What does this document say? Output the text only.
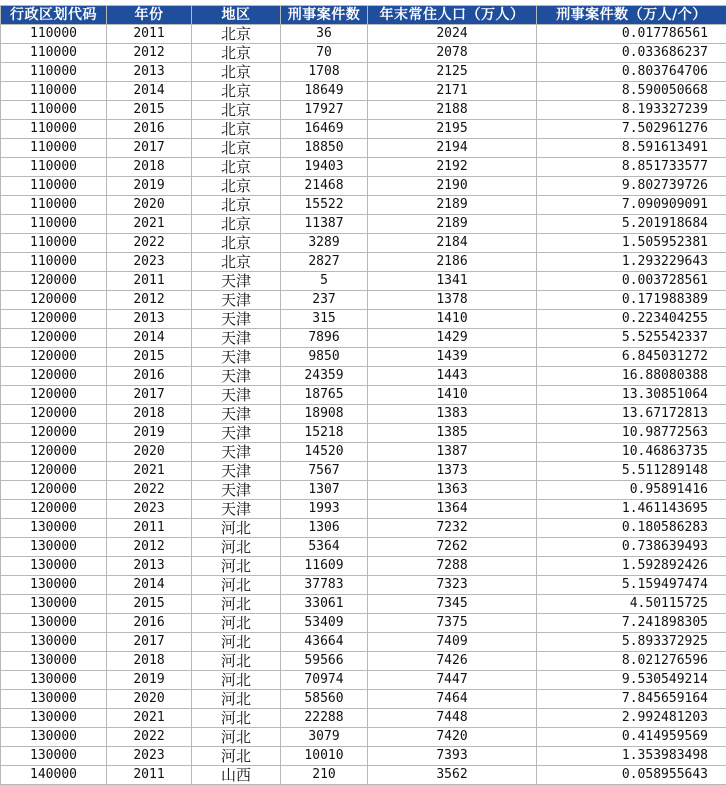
行政区划代码	年份	地区	刑事案件数	年末常住人口（万人）	刑事案件数（万人/个）
110000	2011	北京	36	2024	0.017786561
110000	2012	北京	70	2078	0.033686237
110000	2013	北京	1708	2125	0.803764706
110000	2014	北京	18649	2171	8.590050668
110000	2015	北京	17927	2188	8.193327239
110000	2016	北京	16469	2195	7.502961276
110000	2017	北京	18850	2194	8.591613491
110000	2018	北京	19403	2192	8.851733577
110000	2019	北京	21468	2190	9.802739726
110000	2020	北京	15522	2189	7.090909091
110000	2021	北京	11387	2189	5.201918684
110000	2022	北京	3289	2184	1.505952381
110000	2023	北京	2827	2186	1.293229643
120000	2011	天津	5	1341	0.003728561
120000	2012	天津	237	1378	0.171988389
120000	2013	天津	315	1410	0.223404255
120000	2014	天津	7896	1429	5.525542337
120000	2015	天津	9850	1439	6.845031272
120000	2016	天津	24359	1443	16.88080388
120000	2017	天津	18765	1410	13.30851064
120000	2018	天津	18908	1383	13.67172813
120000	2019	天津	15218	1385	10.98772563
120000	2020	天津	14520	1387	10.46863735
120000	2021	天津	7567	1373	5.511289148
120000	2022	天津	1307	1363	0.95891416
120000	2023	天津	1993	1364	1.461143695
130000	2011	河北	1306	7232	0.180586283
130000	2012	河北	5364	7262	0.738639493
130000	2013	河北	11609	7288	1.592892426
130000	2014	河北	37783	7323	5.159497474
130000	2015	河北	33061	7345	4.50115725
130000	2016	河北	53409	7375	7.241898305
130000	2017	河北	43664	7409	5.893372925
130000	2018	河北	59566	7426	8.021276596
130000	2019	河北	70974	7447	9.530549214
130000	2020	河北	58560	7464	7.845659164
130000	2021	河北	22288	7448	2.992481203
130000	2022	河北	3079	7420	0.414959569
130000	2023	河北	10010	7393	1.353983498
140000	2011	山西	210	3562	0.058955643
